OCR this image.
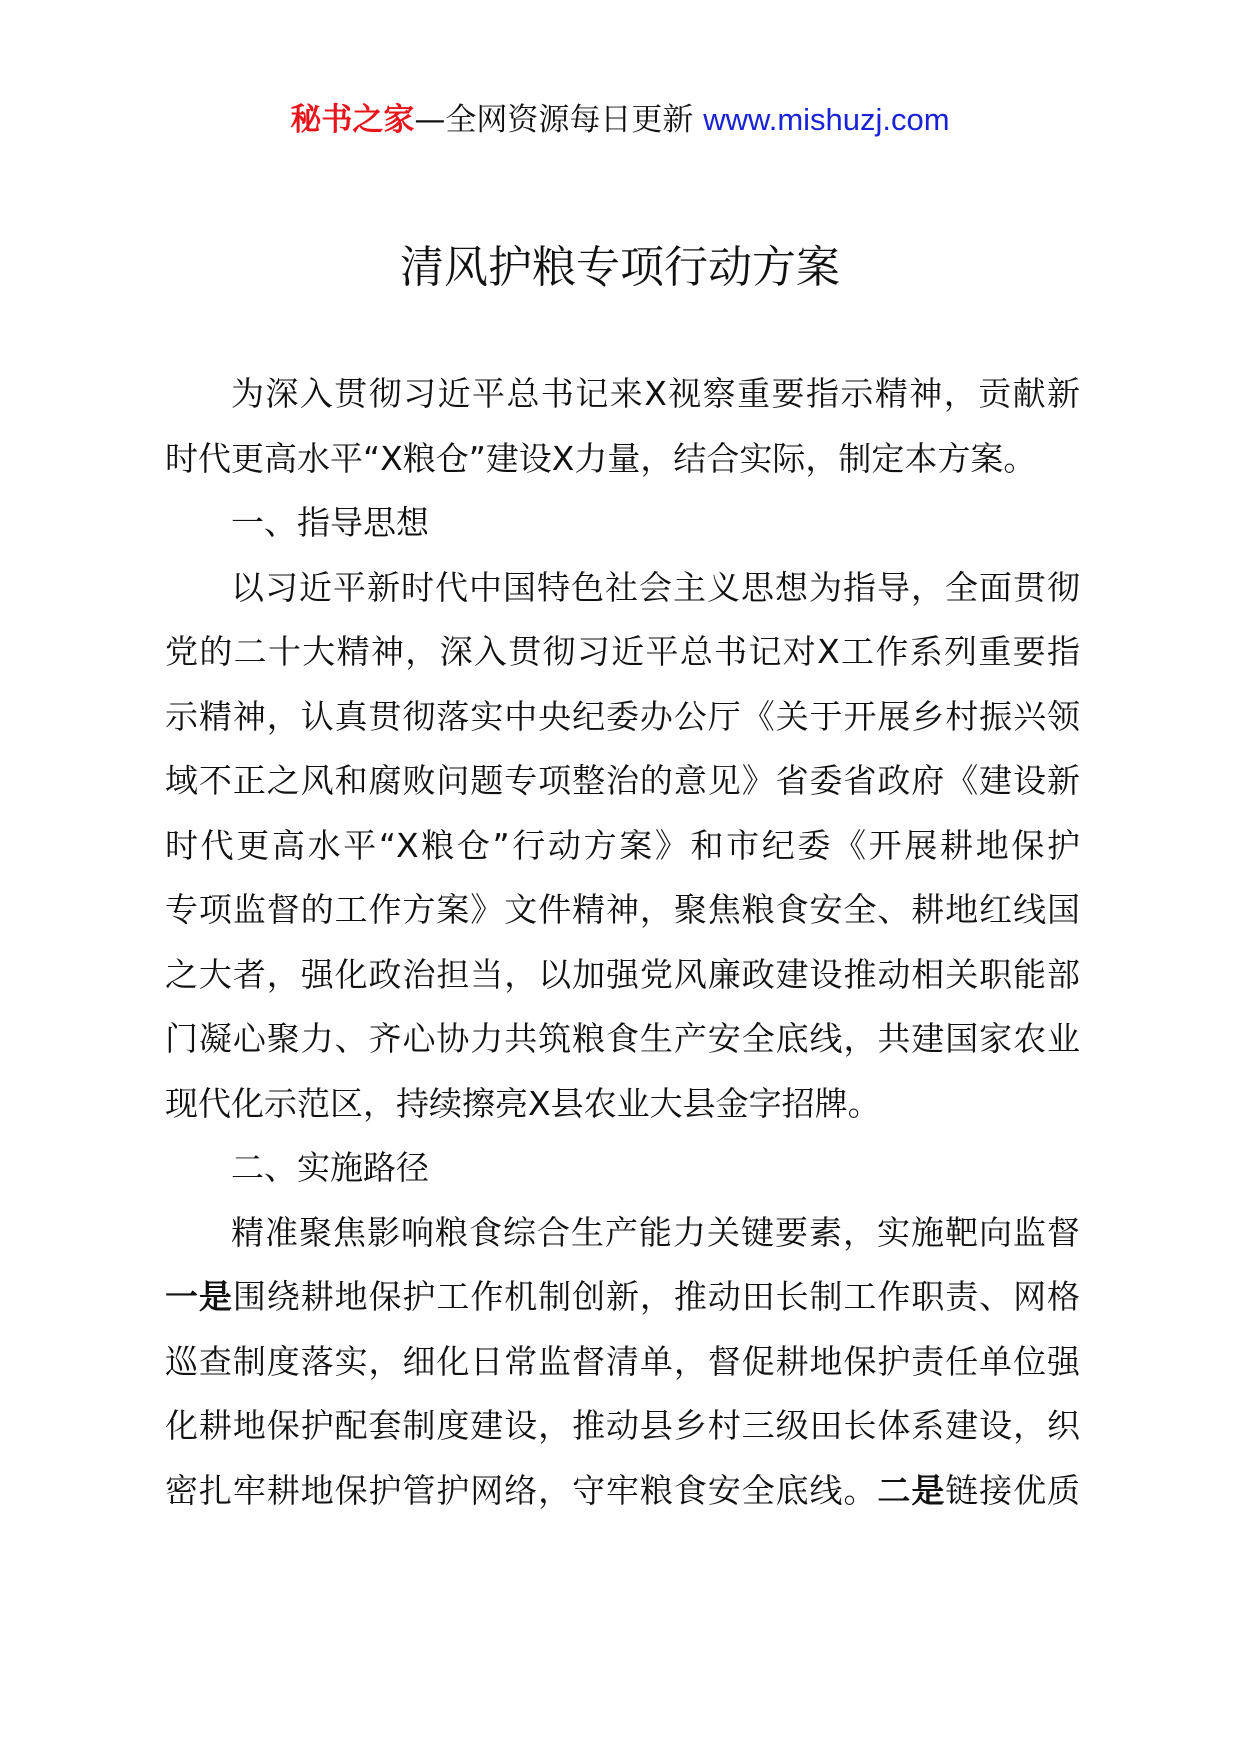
秘书之家—全网资源每日更新 www.mishuzj.com
清风护粮专项行动方案
为深入贯彻习近平总书记来X视察重要指示精神，贡献新
时代更高水平“X粮仓”建设X力量，结合实际，制定本方案。
一、指导思想
以习近平新时代中国特色社会主义思想为指导，全面贯彻
党的二十大精神，深入贯彻习近平总书记对X工作系列重要指
示精神，认真贯彻落实中央纪委办公厅《关于开展乡村振兴领
域不正之风和腐败问题专项整治的意见》省委省政府《建设新
时代更高水平“X粮仓”行动方案》和市纪委《开展耕地保护
专项监督的工作方案》文件精神，聚焦粮食安全、耕地红线国
之大者，强化政治担当，以加强党风廉政建设推动相关职能部
门凝心聚力、齐心协力共筑粮食生产安全底线，共建国家农业
现代化示范区，持续擦亮X县农业大县金字招牌。
二、实施路径
精准聚焦影响粮食综合生产能力关键要素，实施靶向监督
一是围绕耕地保护工作机制创新，推动田长制工作职责、网格
巡查制度落实，细化日常监督清单，督促耕地保护责任单位强
化耕地保护配套制度建设，推动县乡村三级田长体系建设，织
密扎牢耕地保护管护网络，守牢粮食安全底线。二是链接优质
